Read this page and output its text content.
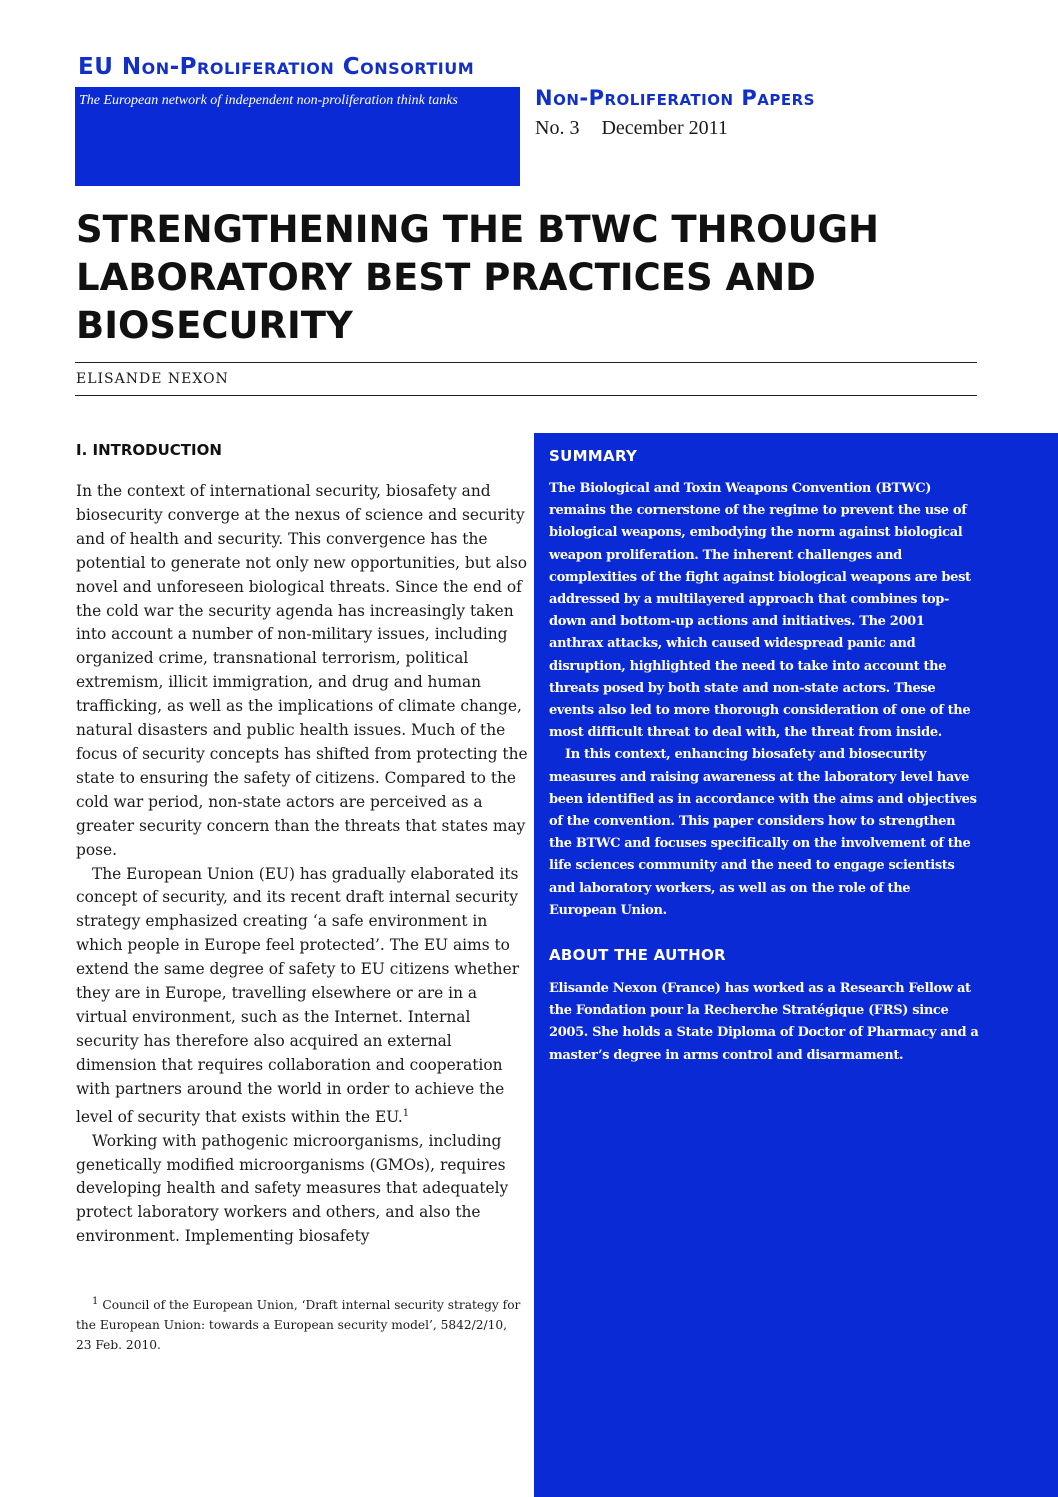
EU Non-Proliferation Consortium
The European network of independent non-proliferation think tanks	Non-Proliferation Papers
No. 3 December 2011
STRENGTHENING THE BTWC THROUGH LABORATORY BEST PRACTICES AND BIOSECURITY
ELISANDE NEXON
I. INTRODUCTION

In the context of international security, biosafety and biosecurity converge at the nexus of science and security and of health and security. This convergence has the potential to generate not only new opportunities, but also novel and unforeseen biological threats. Since the end of the cold war the security agenda has increasingly taken into account a number of non-military issues, including organized crime, transnational terrorism, political extremism, illicit immigration, and drug and human trafficking, as well as the implications of climate change, natural disasters and public health issues. Much of the focus of security concepts has shifted from protecting the state to ensuring the safety of citizens. Compared to the cold war period, non-state actors are perceived as a greater security concern than the threats that states may pose.

The European Union (EU) has gradually elaborated its concept of security, and its recent draft internal security strategy emphasized creating ‘a safe environment in which people in Europe feel protected’. The EU aims to extend the same degree of safety to EU citizens whether they are in Europe, travelling elsewhere or are in a virtual environment, such as the Internet. Internal security has therefore also acquired an external dimension that requires collaboration and cooperation with partners around the world in order to achieve the level of security that exists within the EU.$^1$

Working with pathogenic microorganisms, including genetically modified microorganisms (GMOs), requires developing health and safety measures that adequately protect laboratory workers and others, and also the environment. Implementing biosafety

$^1$ Council of the European Union, ‘Draft internal security strategy for the European Union: towards a European security model’, 5842/2/10, 23 Feb. 2010.
SUMMARY

The Biological and Toxin Weapons Convention (BTWC) remains the cornerstone of the regime to prevent the use of biological weapons, embodying the norm against biological weapon proliferation. The inherent challenges and complexities of the fight against biological weapons are best addressed by a multilayered approach that combines top-down and bottom-up actions and initiatives. The 2001 anthrax attacks, which caused widespread panic and disruption, highlighted the need to take into account the threats posed by both state and non-state actors. These events also led to more thorough consideration of one of the most difficult threat to deal with, the threat from inside.

In this context, enhancing biosafety and biosecurity measures and raising awareness at the laboratory level have been identified as in accordance with the aims and objectives of the convention. This paper considers how to strengthen the BTWC and focuses specifically on the involvement of the life sciences community and the need to engage scientists and laboratory workers, as well as on the role of the European Union.

ABOUT THE AUTHOR

Elisande Nexon (France) has worked as a Research Fellow at the Fondation pour la Recherche Stratégique (FRS) since 2005. She holds a State Diploma of Doctor of Pharmacy and a master’s degree in arms control and disarmament.
